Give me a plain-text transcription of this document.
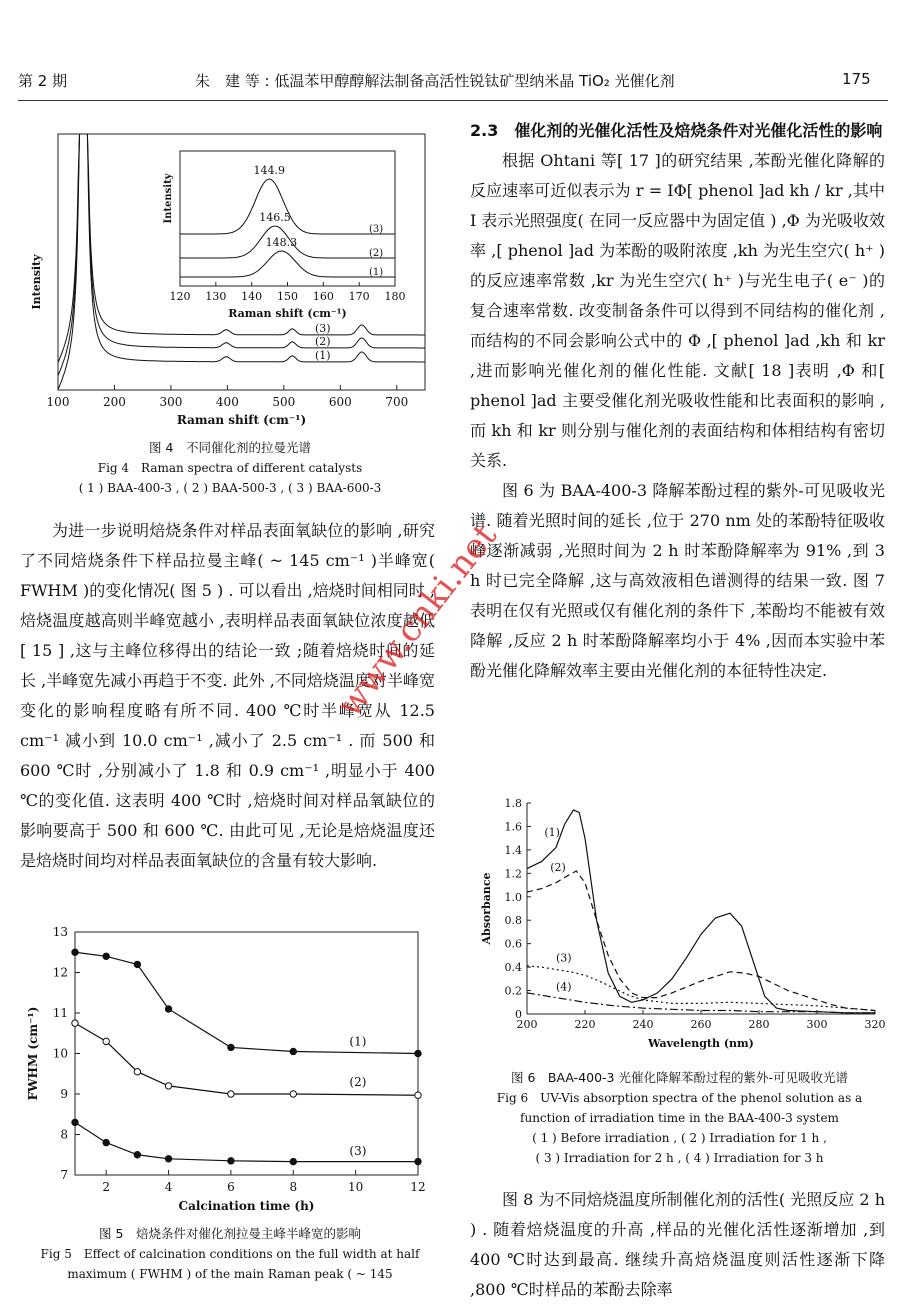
第 2 期	朱　建 等 : 低温苯甲醇醇解法制备高活性锐钛矿型纳米晶 TiO₂ 光催化剂	175
100	200	300	400	500	600	700
Raman shift (cm⁻¹)
Intensity
(3)
(2)
(1)
120 130 140 150 160 170 180
Raman shift (cm⁻¹)
Intensity
144.9
(3)
146.5
(2)
148.3
(1)
图 4　不同催化剂的拉曼光谱
Fig 4　Raman spectra of different catalysts
( 1 ) BAA-400-3 , ( 2 ) BAA-500-3 , ( 3 ) BAA-600-3

为进一步说明焙烧条件对样品表面氧缺位的影响 ,研究了不同焙烧条件下样品拉曼主峰( ~ 145 cm⁻¹ )半峰宽( FWHM )的变化情况( 图 5 ) . 可以看出 ,焙烧时间相同时 ,焙烧温度越高则半峰宽越小 ,表明样品表面氧缺位浓度越低[ 15 ] ,这与主峰位移得出的结论一致 ;随着焙烧时间的延长 ,半峰宽先减小再趋于不变. 此外 ,不同焙烧温度对半峰宽变化的影响程度略有所不同. 400 ℃时半峰宽从 12.5 cm⁻¹ 减小到 10.0 cm⁻¹ ,减小了 2.5 cm⁻¹ . 而 500 和 600 ℃时 ,分别减小了 1.8 和 0.9 cm⁻¹ ,明显小于 400 ℃的变化值. 这表明 400 ℃时 ,焙烧时间对样品氧缺位的影响要高于 500 和 600 ℃. 由此可见 ,无论是焙烧温度还是焙烧时间均对样品表面氧缺位的含量有较大影响.

2	4	6	8	10	12
7
8
9
10
11
12
13
Calcination time (h)
FWHM (cm⁻¹)	(1)
(2)
(3)
图 5　焙烧条件对催化剂拉曼主峰半峰宽的影响
Fig 5　Effect of calcination conditions on the full width at half maximum ( FWHM ) of the main Raman peak ( ~ 145
2.3　催化剂的光催化活性及焙烧条件对光催化活性的影响

根据 Ohtani 等[ 17 ]的研究结果 ,苯酚光催化降解的反应速率可近似表示为 r = IΦ[ phenol ]ad kh / kr ,其中 I 表示光照强度( 在同一反应器中为固定值 ) ,Φ 为光吸收效率 ,[ phenol ]ad 为苯酚的吸附浓度 ,kh 为光生空穴( h⁺ )的反应速率常数 ,kr 为光生空穴( h⁺ )与光生电子( e⁻ )的复合速率常数. 改变制备条件可以得到不同结构的催化剂 ,而结构的不同会影响公式中的 Φ ,[ phenol ]ad ,kh 和 kr ,进而影响光催化剂的催化性能. 文献[ 18 ]表明 ,Φ 和[ phenol ]ad 主要受催化剂光吸收性能和比表面积的影响 ,而 kh 和 kr 则分别与催化剂的表面结构和体相结构有密切关系.

图 6 为 BAA-400-3 降解苯酚过程的紫外-可见吸收光谱. 随着光照时间的延长 ,位于 270 nm 处的苯酚特征吸收峰逐渐减弱 ,光照时间为 2 h 时苯酚降解率为 91% ,到 3 h 时已完全降解 ,这与高效液相色谱测得的结果一致. 图 7 表明在仅有光照或仅有催化剂的条件下 ,苯酚均不能被有效降解 ,反应 2 h 时苯酚降解率均小于 4% ,因而本实验中苯酚光催化降解效率主要由光催化剂的本征特性决定.

200	220	240	260	280	300	320
0
0.2
0.4
0.6
0.8
1.0
1.2
1.4
1.6
1.8
Wavelength (nm)
Absorbance
(1)
(2)
(3)
(4)
图 6　BAA-400-3 光催化降解苯酚过程的紫外-可见吸收光谱
Fig 6　UV-Vis absorption spectra of the phenol solution as a
function of irradiation time in the BAA-400-3 system
( 1 ) Before irradiation , ( 2 ) Irradiation for 1 h ,
( 3 ) Irradiation for 2 h , ( 4 ) Irradiation for 3 h

图 8 为不同焙烧温度所制催化剂的活性( 光照反应 2 h ) . 随着焙烧温度的升高 ,样品的光催化活性逐渐增加 ,到 400 ℃时达到最高. 继续升高焙烧温度则活性逐渐下降 ,800 ℃时样品的苯酚去除率

www.cnki.net
